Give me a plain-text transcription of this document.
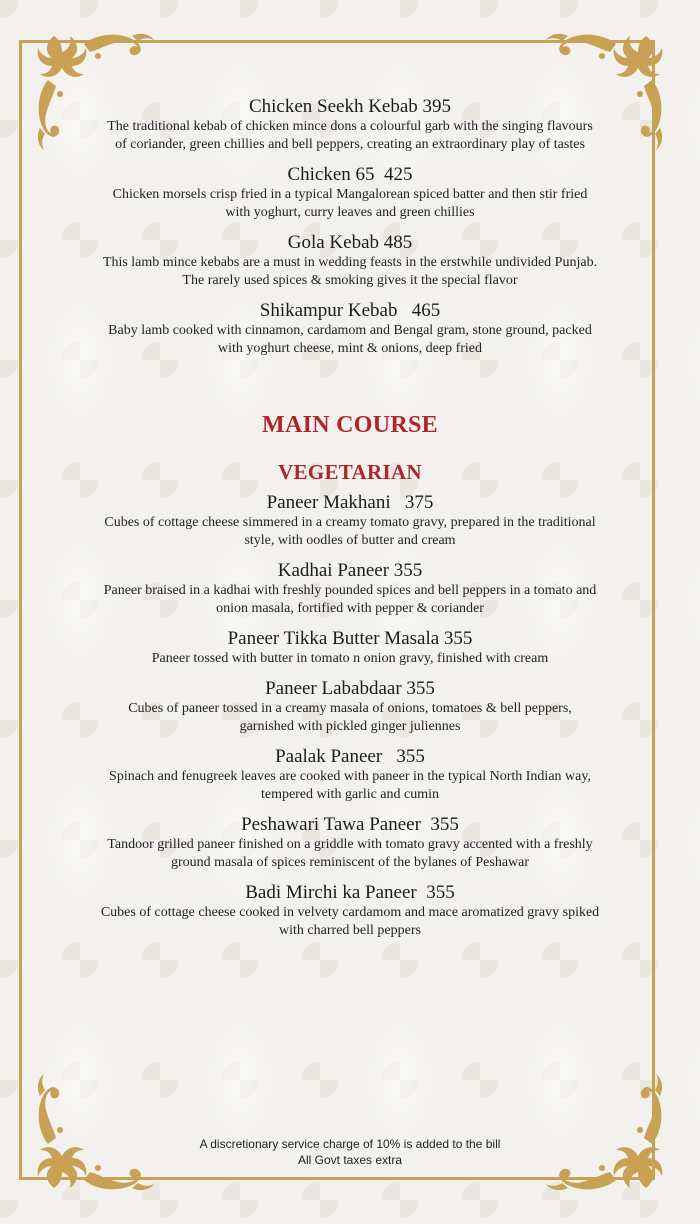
Chicken Seekh Kebab 395
The traditional kebab of chicken mince dons a colourful garb with the singing flavours of coriander, green chillies and bell peppers, creating an extraordinary play of tastes
Chicken 65  425
Chicken morsels crisp fried in a typical Mangalorean spiced batter and then stir fried with yoghurt, curry leaves and green chillies
Gola Kebab 485
This lamb mince kebabs are a must in wedding feasts in the erstwhile undivided Punjab. The rarely used spices & smoking gives it the special flavor
Shikampur Kebab   465
Baby lamb cooked with cinnamon, cardamom and Bengal gram, stone ground, packed with yoghurt cheese, mint & onions, deep fried
MAIN COURSE
VEGETARIAN
Paneer Makhani   375
Cubes of cottage cheese simmered in a creamy tomato gravy, prepared in the traditional style, with oodles of butter and cream
Kadhai Paneer 355
Paneer braised in a kadhai with freshly pounded spices and bell peppers in a tomato and onion masala, fortified with pepper & coriander
Paneer Tikka Butter Masala 355
Paneer tossed with butter in tomato n onion gravy, finished with cream
Paneer Lababdaar 355
Cubes of paneer tossed in a creamy masala of onions, tomatoes & bell peppers, garnished with pickled ginger juliennes
Paalak Paneer   355
Spinach and fenugreek leaves are cooked with paneer in the typical North Indian way, tempered with garlic and cumin
Peshawari Tawa Paneer  355
Tandoor grilled paneer finished on a griddle with tomato gravy accented with a freshly ground masala of spices reminiscent of the bylanes of Peshawar
Badi Mirchi ka Paneer  355
Cubes of cottage cheese cooked in velvety cardamom and mace aromatized gravy spiked with charred bell peppers
A discretionary service charge of 10% is added to the bill
All Govt taxes extra
